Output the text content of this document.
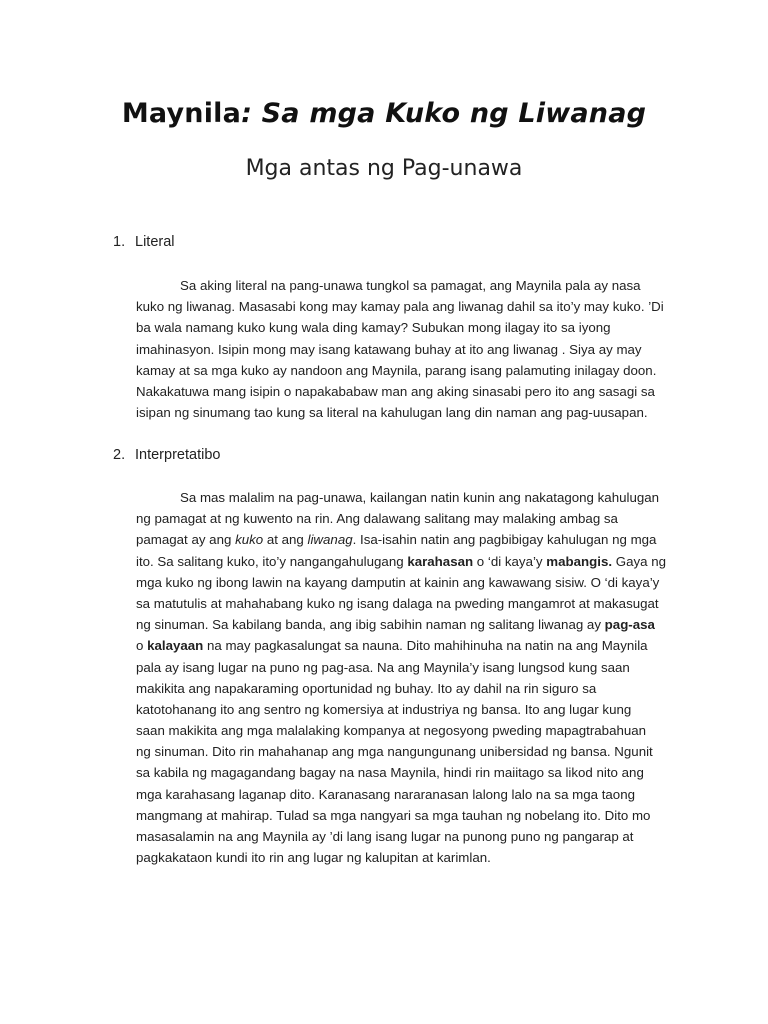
Maynila: Sa mga Kuko ng Liwanag
Mga antas ng Pag-unawa
1. Literal
Sa aking literal na pang-unawa tungkol sa pamagat, ang Maynila pala ay nasa
kuko ng liwanag. Masasabi kong may kamay pala ang liwanag dahil sa ito’y may kuko. ’Di
ba wala namang kuko kung wala ding kamay? Subukan mong ilagay ito sa iyong
imahinasyon. Isipin mong may isang katawang buhay at ito ang liwanag . Siya ay may
kamay at sa mga kuko ay nandoon ang Maynila, parang isang palamuting inilagay doon.
Nakakatuwa mang isipin o napakababaw man ang aking sinasabi pero ito ang sasagi sa
isipan ng sinumang tao kung sa literal na kahulugan lang din naman ang pag-uusapan.
2. Interpretatibo
Sa mas malalim na pag-unawa, kailangan natin kunin ang nakatagong kahulugan
ng pamagat at ng kuwento na rin. Ang dalawang salitang may malaking ambag sa
pamagat ay ang kuko at ang liwanag. Isa-isahin natin ang pagbibigay kahulugan ng mga
ito. Sa salitang kuko, ito’y nangangahulugang karahasan o ‘di kaya’y mabangis. Gaya ng
mga kuko ng ibong lawin na kayang damputin at kainin ang kawawang sisiw. O ‘di kaya’y
sa matutulis at mahahabang kuko ng isang dalaga na pweding mangamrot at makasugat
ng sinuman. Sa kabilang banda, ang ibig sabihin naman ng salitang liwanag ay pag-asa
o kalayaan na may pagkasalungat sa nauna. Dito mahihinuha na natin na ang Maynila
pala ay isang lugar na puno ng pag-asa. Na ang Maynila’y isang lungsod kung saan
makikita ang napakaraming oportunidad ng buhay. Ito ay dahil na rin siguro sa
katotohanang ito ang sentro ng komersiya at industriya ng bansa. Ito ang lugar kung
saan makikita ang mga malalaking kompanya at negosyong pweding mapagtrabahuan
ng sinuman. Dito rin mahahanap ang mga nangungunang unibersidad ng bansa. Ngunit
sa kabila ng magagandang bagay na nasa Maynila, hindi rin maiitago sa likod nito ang
mga karahasang laganap dito. Karanasang nararanasan lalong lalo na sa mga taong
mangmang at mahirap. Tulad sa mga nangyari sa mga tauhan ng nobelang ito. Dito mo
masasalamin na ang Maynila ay ’di lang isang lugar na punong puno ng pangarap at
pagkakataon kundi ito rin ang lugar ng kalupitan at karimlan.
